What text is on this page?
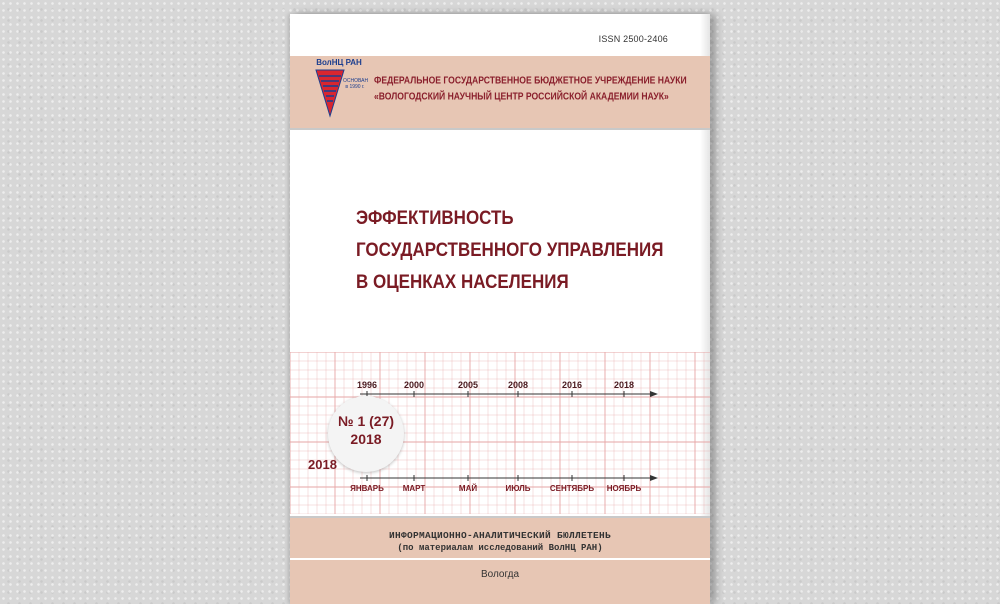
ISSN 2500-2406
ВолНЦ РАН
ОСНОВАН в 1990 г.
ФЕДЕРАЛЬНОЕ ГОСУДАРСТВЕННОЕ БЮДЖЕТНОЕ УЧРЕЖДЕНИЕ НАУКИ
«ВОЛОГОДСКИЙ НАУЧНЫЙ ЦЕНТР РОССИЙСКОЙ АКАДЕМИИ НАУК»
ЭФФЕКТИВНОСТЬ
ГОСУДАРСТВЕННОГО УПРАВЛЕНИЯ
В ОЦЕНКАХ НАСЕЛЕНИЯ
1996	2000	2005	2008	2016	2018
ЯНВАРЬ МАРТ	МАЙ	ИЮЛЬ СЕНТЯБРЬ НОЯБРЬ
№ 1 (27)
2018
2018
ИНФОРМАЦИОННО-АНАЛИТИЧЕСКИЙ БЮЛЛЕТЕНЬ
(по материалам исследований ВолНЦ РАН)
Вологда
